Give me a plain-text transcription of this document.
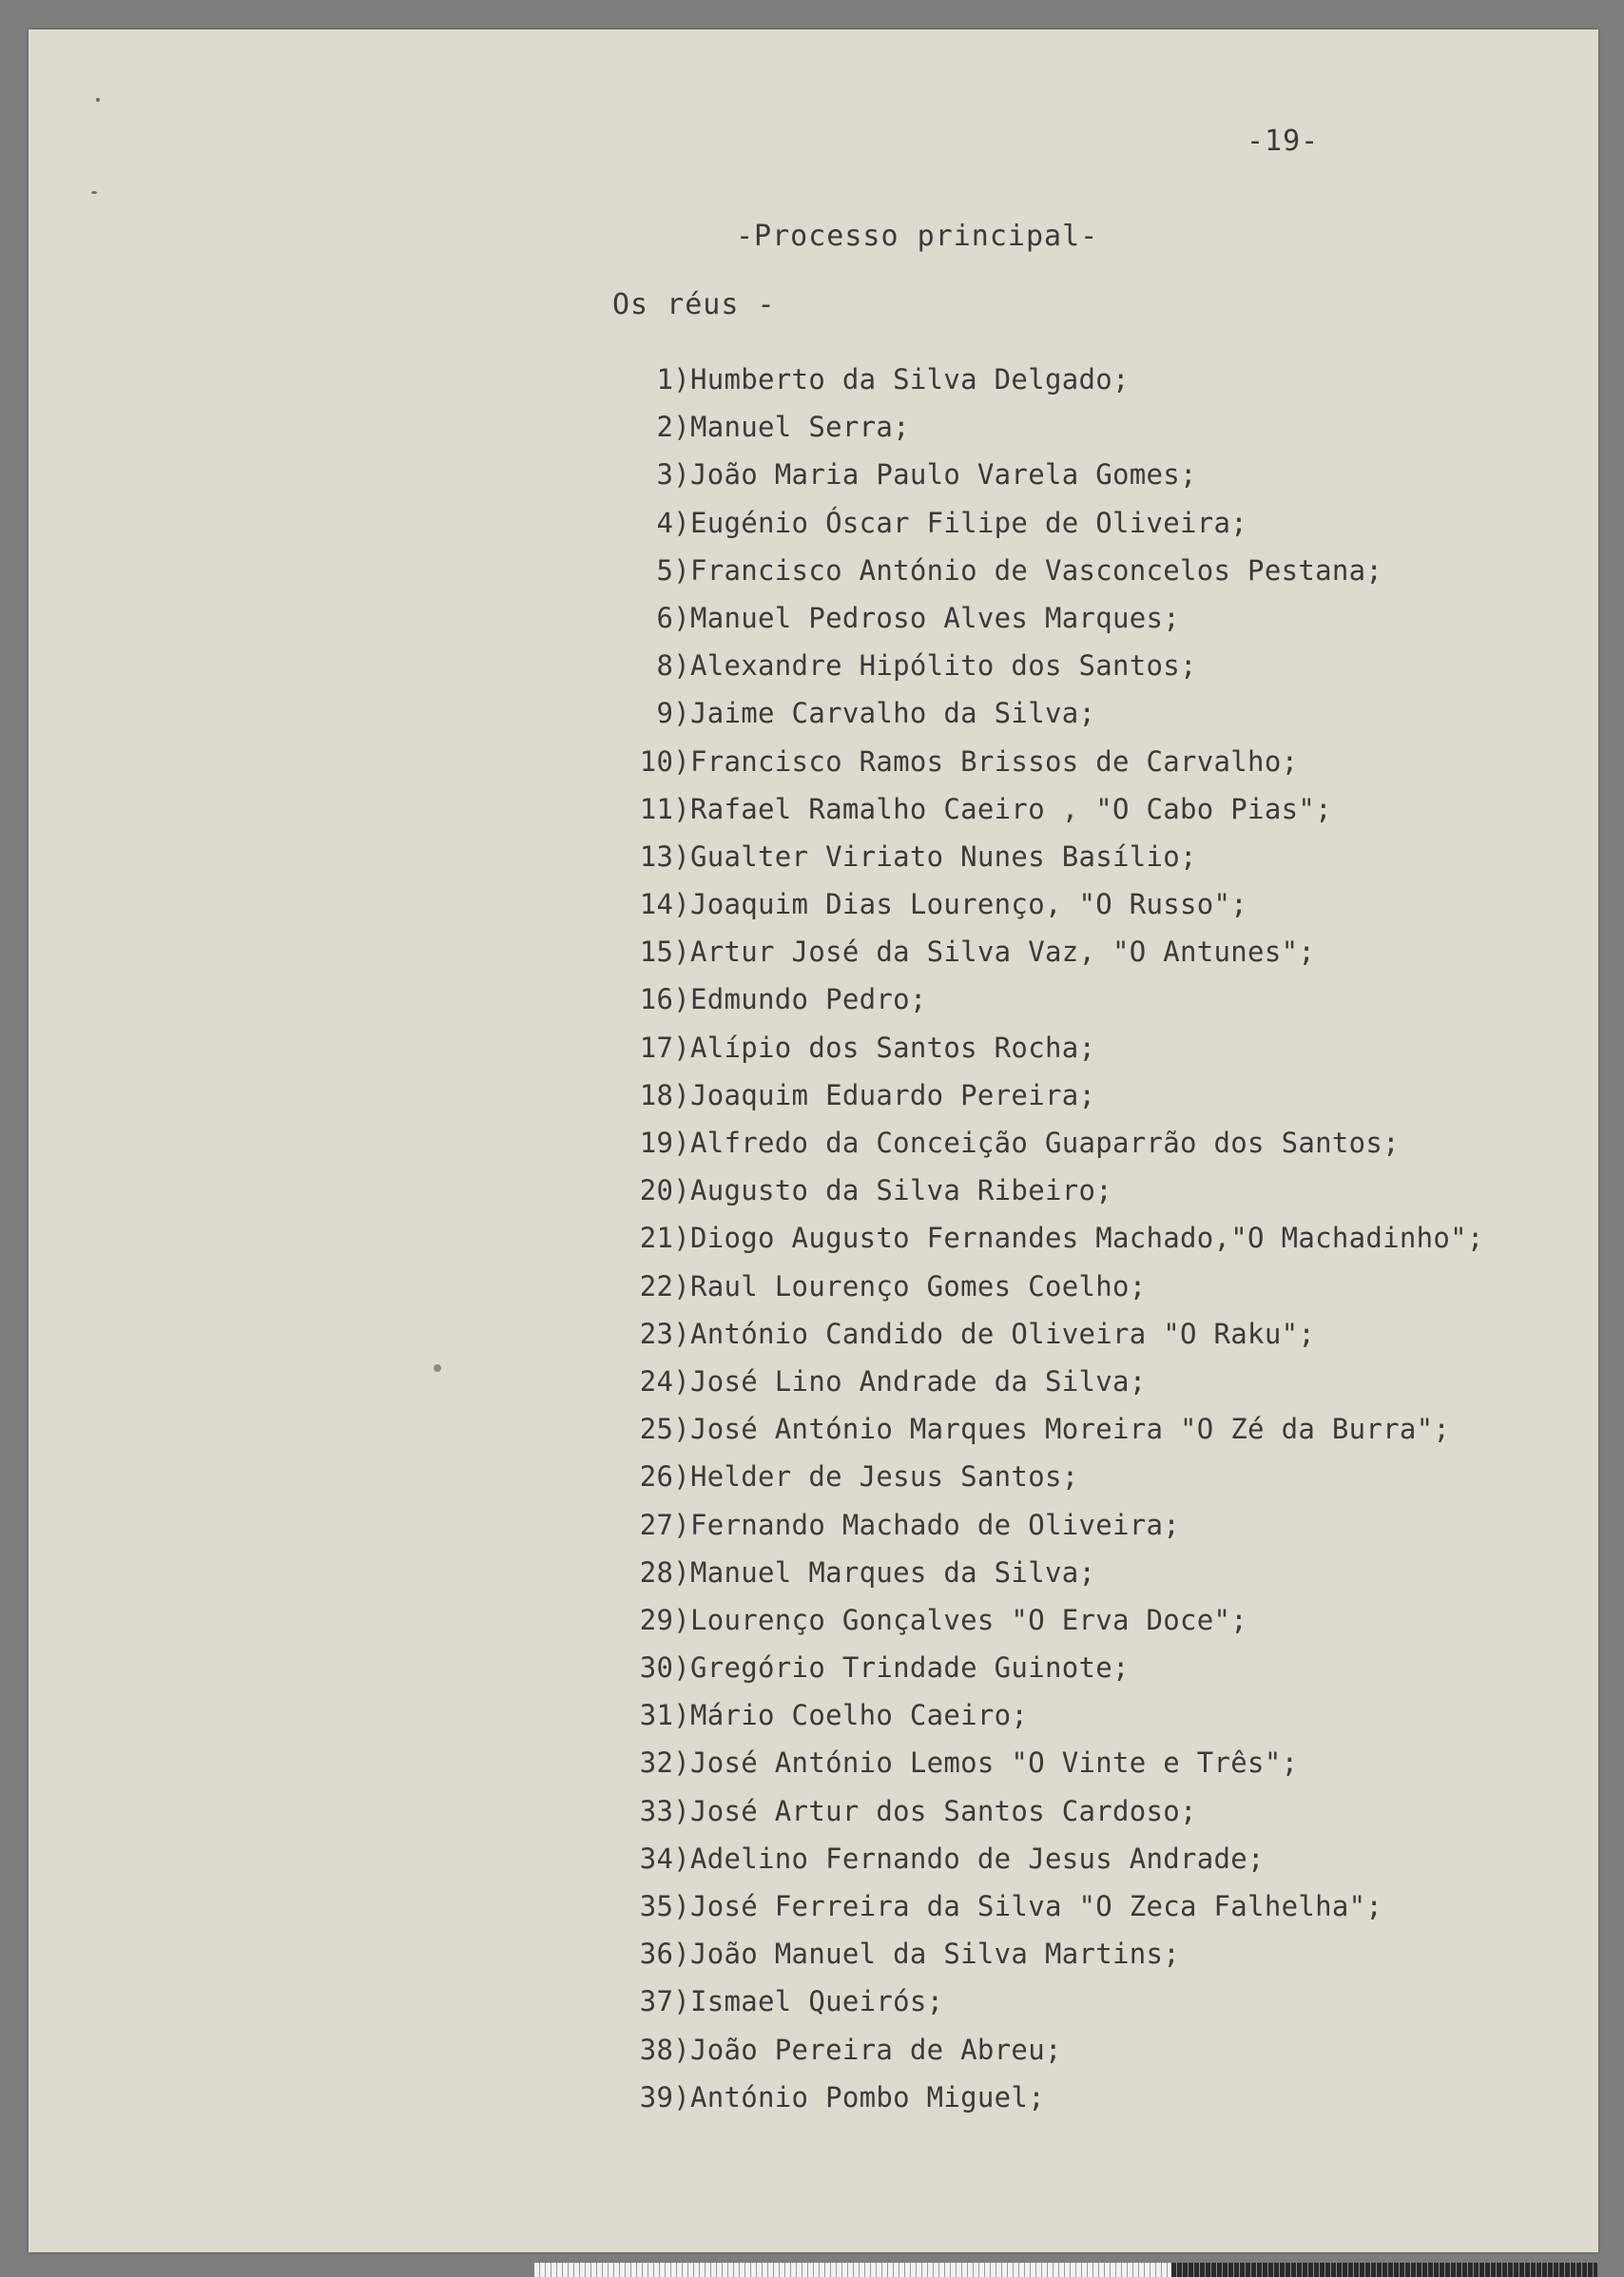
-19-
-Processo principal-
Os réus -
1)Humberto da Silva Delgado;
2)Manuel Serra;
3)João Maria Paulo Varela Gomes;
4)Eugénio Óscar Filipe de Oliveira;
5)Francisco António de Vasconcelos Pestana;
6)Manuel Pedroso Alves Marques;
8)Alexandre Hipólito dos Santos;
9)Jaime Carvalho da Silva;
10)Francisco Ramos Brissos de Carvalho;
11)Rafael Ramalho Caeiro , "O Cabo Pias";
13)Gualter Viriato Nunes Basílio;
14)Joaquim Dias Lourenço, "O Russo";
15)Artur José da Silva Vaz, "O Antunes";
16)Edmundo Pedro;
17)Alípio dos Santos Rocha;
18)Joaquim Eduardo Pereira;
19)Alfredo da Conceição Guaparrão dos Santos;
20)Augusto da Silva Ribeiro;
21)Diogo Augusto Fernandes Machado,"O Machadinho";
22)Raul Lourenço Gomes Coelho;
23)António Candido de Oliveira "O Raku";
24)José Lino Andrade da Silva;
25)José António Marques Moreira "O Zé da Burra";
26)Helder de Jesus Santos;
27)Fernando Machado de Oliveira;
28)Manuel Marques da Silva;
29)Lourenço Gonçalves "O Erva Doce";
30)Gregório Trindade Guinote;
31)Mário Coelho Caeiro;
32)José António Lemos "O Vinte e Três";
33)José Artur dos Santos Cardoso;
34)Adelino Fernando de Jesus Andrade;
35)José Ferreira da Silva "O Zeca Falhelha";
36)João Manuel da Silva Martins;
37)Ismael Queirós;
38)João Pereira de Abreu;
39)António Pombo Miguel;
